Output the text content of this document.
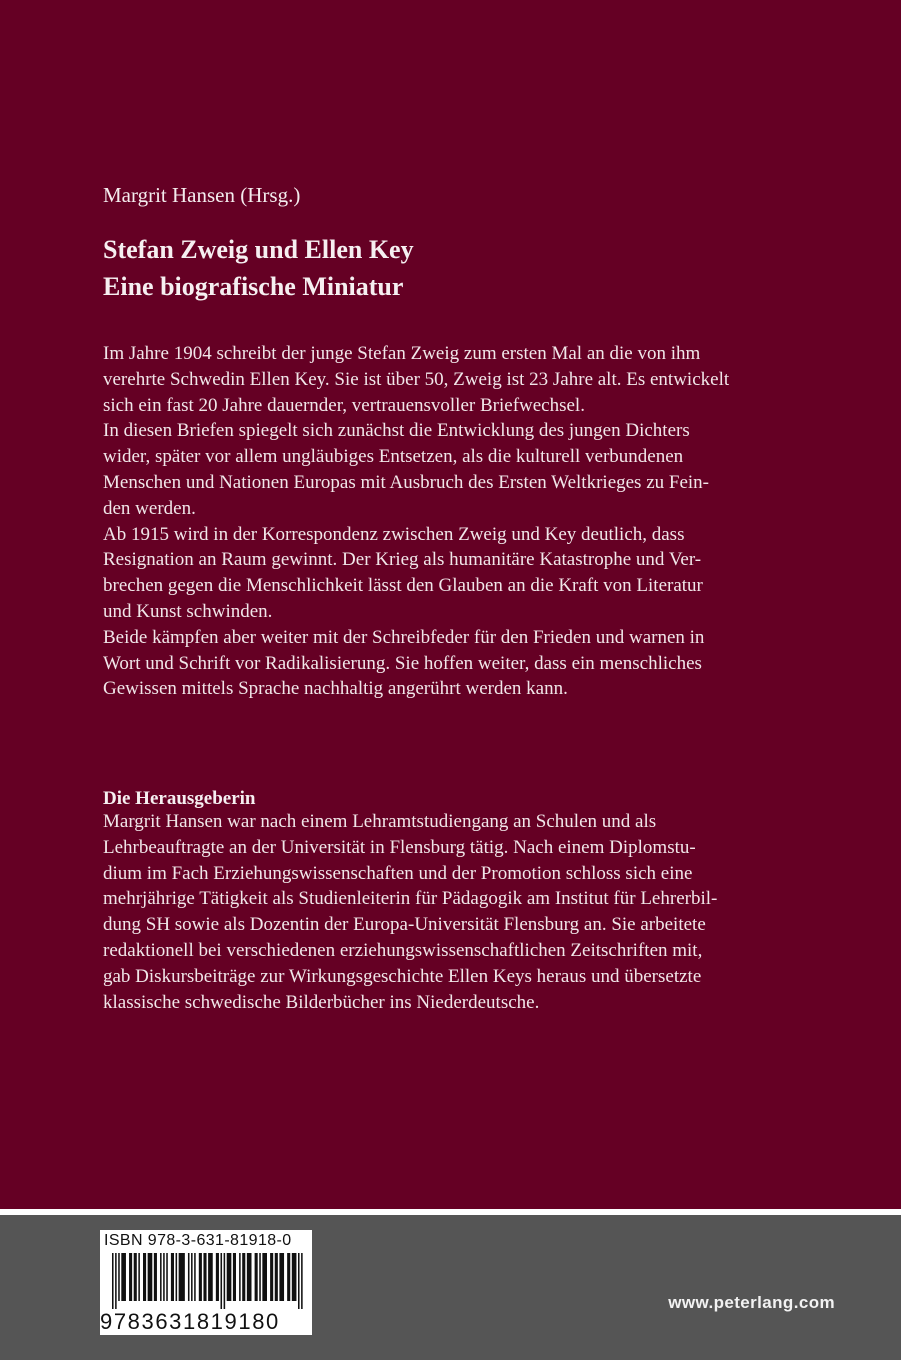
Margrit Hansen (Hrsg.)
Stefan Zweig und Ellen Key
Eine biografische Miniatur
Im Jahre 1904 schreibt der junge Stefan Zweig zum ersten Mal an die von ihm
verehrte Schwedin Ellen Key. Sie ist über 50, Zweig ist 23 Jahre alt. Es entwickelt
sich ein fast 20 Jahre dauernder, vertrauensvoller Briefwechsel.
In diesen Briefen spiegelt sich zunächst die Entwicklung des jungen Dichters
wider, später vor allem ungläubiges Entsetzen, als die kulturell verbundenen
Menschen und Nationen Europas mit Ausbruch des Ersten Weltkrieges zu Fein-
den werden.
Ab 1915 wird in der Korrespondenz zwischen Zweig und Key deutlich, dass
Resignation an Raum gewinnt. Der Krieg als humanitäre Katastrophe und Ver-
brechen gegen die Menschlichkeit lässt den Glauben an die Kraft von Literatur
und Kunst schwinden.
Beide kämpfen aber weiter mit der Schreibfeder für den Frieden und warnen in
Wort und Schrift vor Radikalisierung. Sie hoffen weiter, dass ein menschliches
Gewissen mittels Sprache nachhaltig angerührt werden kann.
Die Herausgeberin
Margrit Hansen war nach einem Lehramtstudiengang an Schulen und als
Lehrbeauftragte an der Universität in Flensburg tätig. Nach einem Diplomstu-
dium im Fach Erziehungswissenschaften und der Promotion schloss sich eine
mehrjährige Tätigkeit als Studienleiterin für Pädagogik am Institut für Lehrerbil-
dung SH sowie als Dozentin der Europa-Universität Flensburg an. Sie arbeitete
redaktionell bei verschiedenen erziehungswissenschaftlichen Zeitschriften mit,
gab Diskursbeiträge zur Wirkungsgeschichte Ellen Keys heraus und übersetzte
klassische schwedische Bilderbücher ins Niederdeutsche.
ISBN 978-3-631-81918-0
9783631819180
www.peterlang.com
